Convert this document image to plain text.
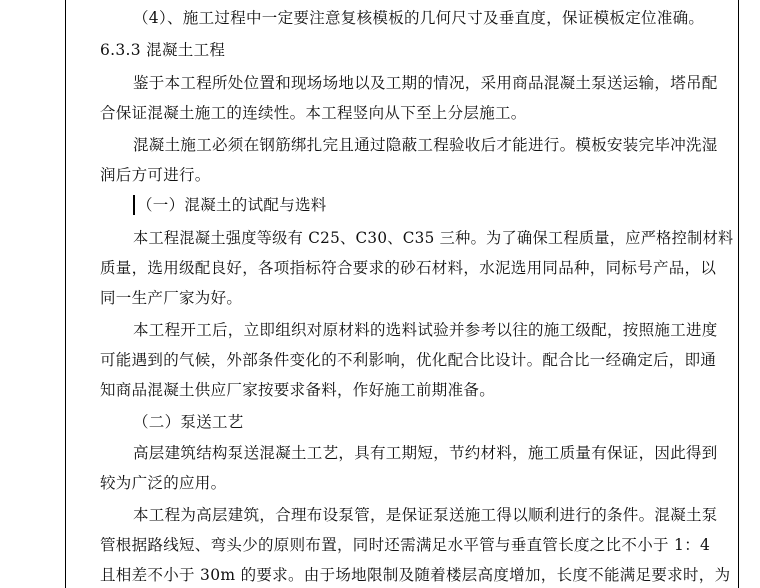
（4）、施工过程中一定要注意复核模板的几何尺寸及垂直度，保证模板定位准确。
6.3.3 混凝土工程
鉴于本工程所处位置和现场场地以及工期的情况，采用商品混凝土泵送运输，塔吊配
合保证混凝土施工的连续性。本工程竖向从下至上分层施工。
混凝土施工必须在钢筋绑扎完且通过隐蔽工程验收后才能进行。模板安装完毕冲洗湿
润后方可进行。
（一）混凝土的试配与选料
本工程混凝土强度等级有 C25、C30、C35 三种。为了确保工程质量，应严格控制材料
质量，选用级配良好，各项指标符合要求的砂石材料，水泥选用同品种，同标号产品，以
同一生产厂家为好。
本工程开工后，立即组织对原材料的选料试验并参考以往的施工级配，按照施工进度
可能遇到的气候，外部条件变化的不利影响，优化配合比设计。配合比一经确定后，即通
知商品混凝土供应厂家按要求备料，作好施工前期准备。
（二）泵送工艺
高层建筑结构泵送混凝土工艺，具有工期短，节约材料，施工质量有保证，因此得到
较为广泛的应用。
本工程为高层建筑，合理布设泵管，是保证泵送施工得以顺利进行的条件。混凝土泵
管根据路线短、弯头少的原则布置，同时还需满足水平管与垂直管长度之比不小于 1：4
且相差不小于 30m 的要求。由于场地限制及随着楼层高度增加，长度不能满足要求时，为
